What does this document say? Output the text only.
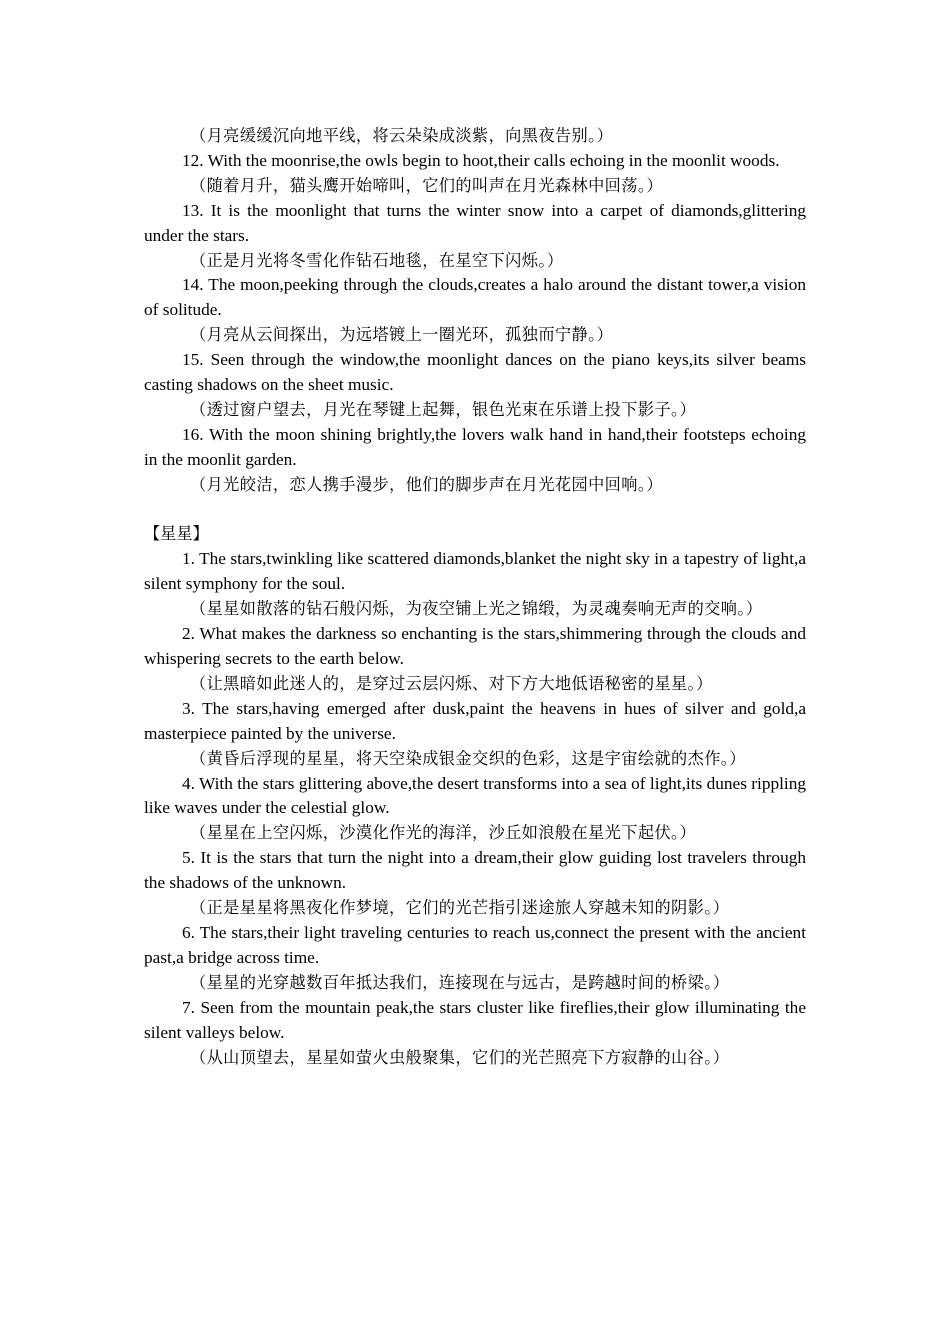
（月亮缓缓沉向地平线，将云朵染成淡紫，向黑夜告别。）

12. With the moonrise,the owls begin to hoot,their calls echoing in the moonlit woods.

（随着月升，猫头鹰开始啼叫，它们的叫声在月光森林中回荡。）

13. It is the moonlight that turns the winter snow into a carpet of diamonds,glittering under the stars.

（正是月光将冬雪化作钻石地毯，在星空下闪烁。）

14. The moon,peeking through the clouds,creates a halo around the distant tower,a vision of solitude.

（月亮从云间探出，为远塔镀上一圈光环，孤独而宁静。）

15. Seen through the window,the moonlight dances on the piano keys,its silver beams casting shadows on the sheet music.

（透过窗户望去，月光在琴键上起舞，银色光束在乐谱上投下影子。）

16. With the moon shining brightly,the lovers walk hand in hand,their footsteps echoing in the moonlit garden.

（月光皎洁，恋人携手漫步，他们的脚步声在月光花园中回响。）

【星星】

1. The stars,twinkling like scattered diamonds,blanket the night sky in a tapestry of light,a silent symphony for the soul.

（星星如散落的钻石般闪烁，为夜空铺上光之锦缎，为灵魂奏响无声的交响。）

2. What makes the darkness so enchanting is the stars,shimmering through the clouds and whispering secrets to the earth below.

（让黑暗如此迷人的，是穿过云层闪烁、对下方大地低语秘密的星星。）

3. The stars,having emerged after dusk,paint the heavens in hues of silver and gold,a masterpiece painted by the universe.

（黄昏后浮现的星星，将天空染成银金交织的色彩，这是宇宙绘就的杰作。）

4. With the stars glittering above,the desert transforms into a sea of light,its dunes rippling like waves under the celestial glow.

（星星在上空闪烁，沙漠化作光的海洋，沙丘如浪般在星光下起伏。）

5. It is the stars that turn the night into a dream,their glow guiding lost travelers through the shadows of the unknown.

（正是星星将黑夜化作梦境，它们的光芒指引迷途旅人穿越未知的阴影。）

6. The stars,their light traveling centuries to reach us,connect the present with the ancient past,a bridge across time.

（星星的光穿越数百年抵达我们，连接现在与远古，是跨越时间的桥梁。）

7. Seen from the mountain peak,the stars cluster like fireflies,their glow illuminating the silent valleys below.

（从山顶望去，星星如萤火虫般聚集，它们的光芒照亮下方寂静的山谷。）
